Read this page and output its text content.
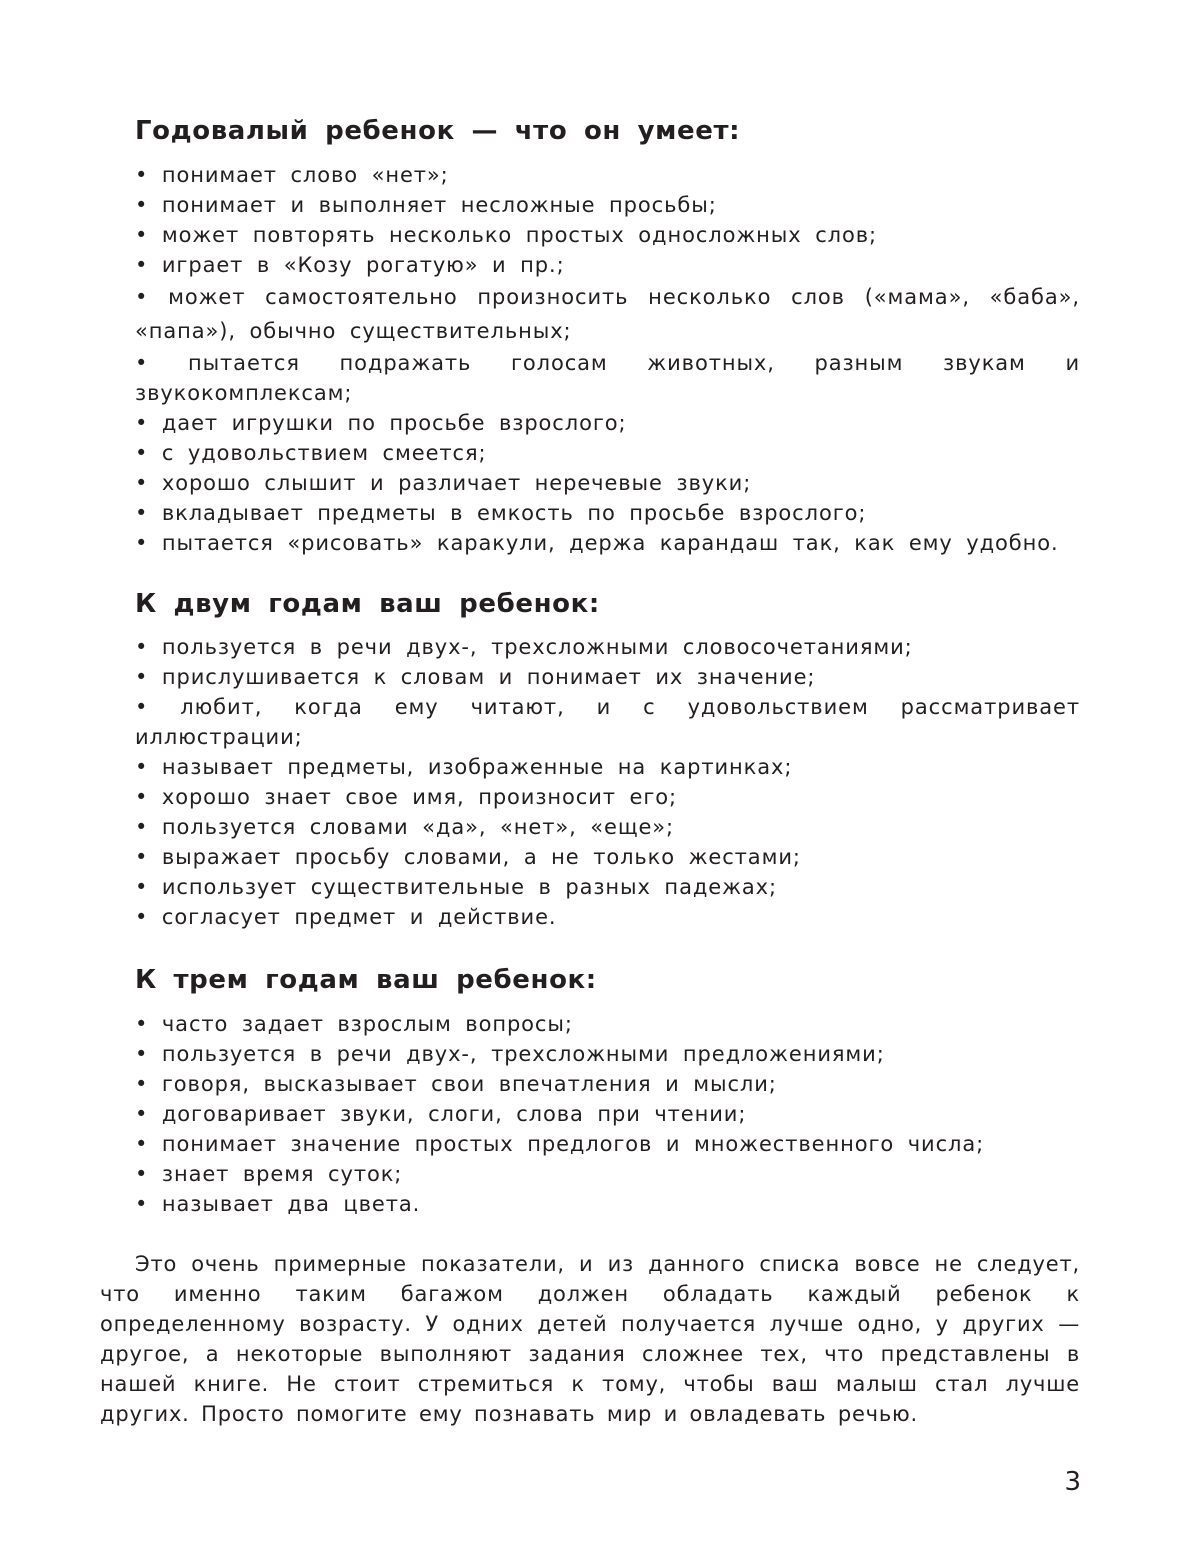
Годовалый ребенок — что он умеет:
• понимает слово «нет»;
• понимает и выполняет несложные просьбы;
• может повторять несколько простых односложных слов;
• играет в «Козу рогатую» и пр.;
• может самостоятельно произносить несколько слов («мама», «баба», «папа»), обычно существительных;
• пытается подражать голосам животных, разным звукам и звукокомплексам;
• дает игрушки по просьбе взрослого;
• с удовольствием смеется;
• хорошо слышит и различает неречевые звуки;
• вкладывает предметы в емкость по просьбе взрослого;
• пытается «рисовать» каракули, держа карандаш так, как ему удобно.
К двум годам ваш ребенок:
• пользуется в речи двух-, трехсложными словосочетаниями;
• прислушивается к словам и понимает их значение;
• любит, когда ему читают, и с удовольствием рассматривает иллюстрации;
• называет предметы, изображенные на картинках;
• хорошо знает свое имя, произносит его;
• пользуется словами «да», «нет», «еще»;
• выражает просьбу словами, а не только жестами;
• использует существительные в разных падежах;
• согласует предмет и действие.
К трем годам ваш ребенок:
• часто задает взрослым вопросы;
• пользуется в речи двух-, трехсложными предложениями;
• говоря, высказывает свои впечатления и мысли;
• договаривает звуки, слоги, слова при чтении;
• понимает значение простых предлогов и множественного числа;
• знает время суток;
• называет два цвета.

Это очень примерные показатели, и из данного списка вовсе не следует, что именно таким багажом должен обладать каждый ребенок к определенному возрасту. У одних детей получается лучше одно, у других — другое, а некоторые выполняют задания сложнее тех, что представлены в нашей книге. Не стоит стремиться к тому, чтобы ваш малыш стал лучше других. Просто помогите ему познавать мир и овладевать речью.

3
